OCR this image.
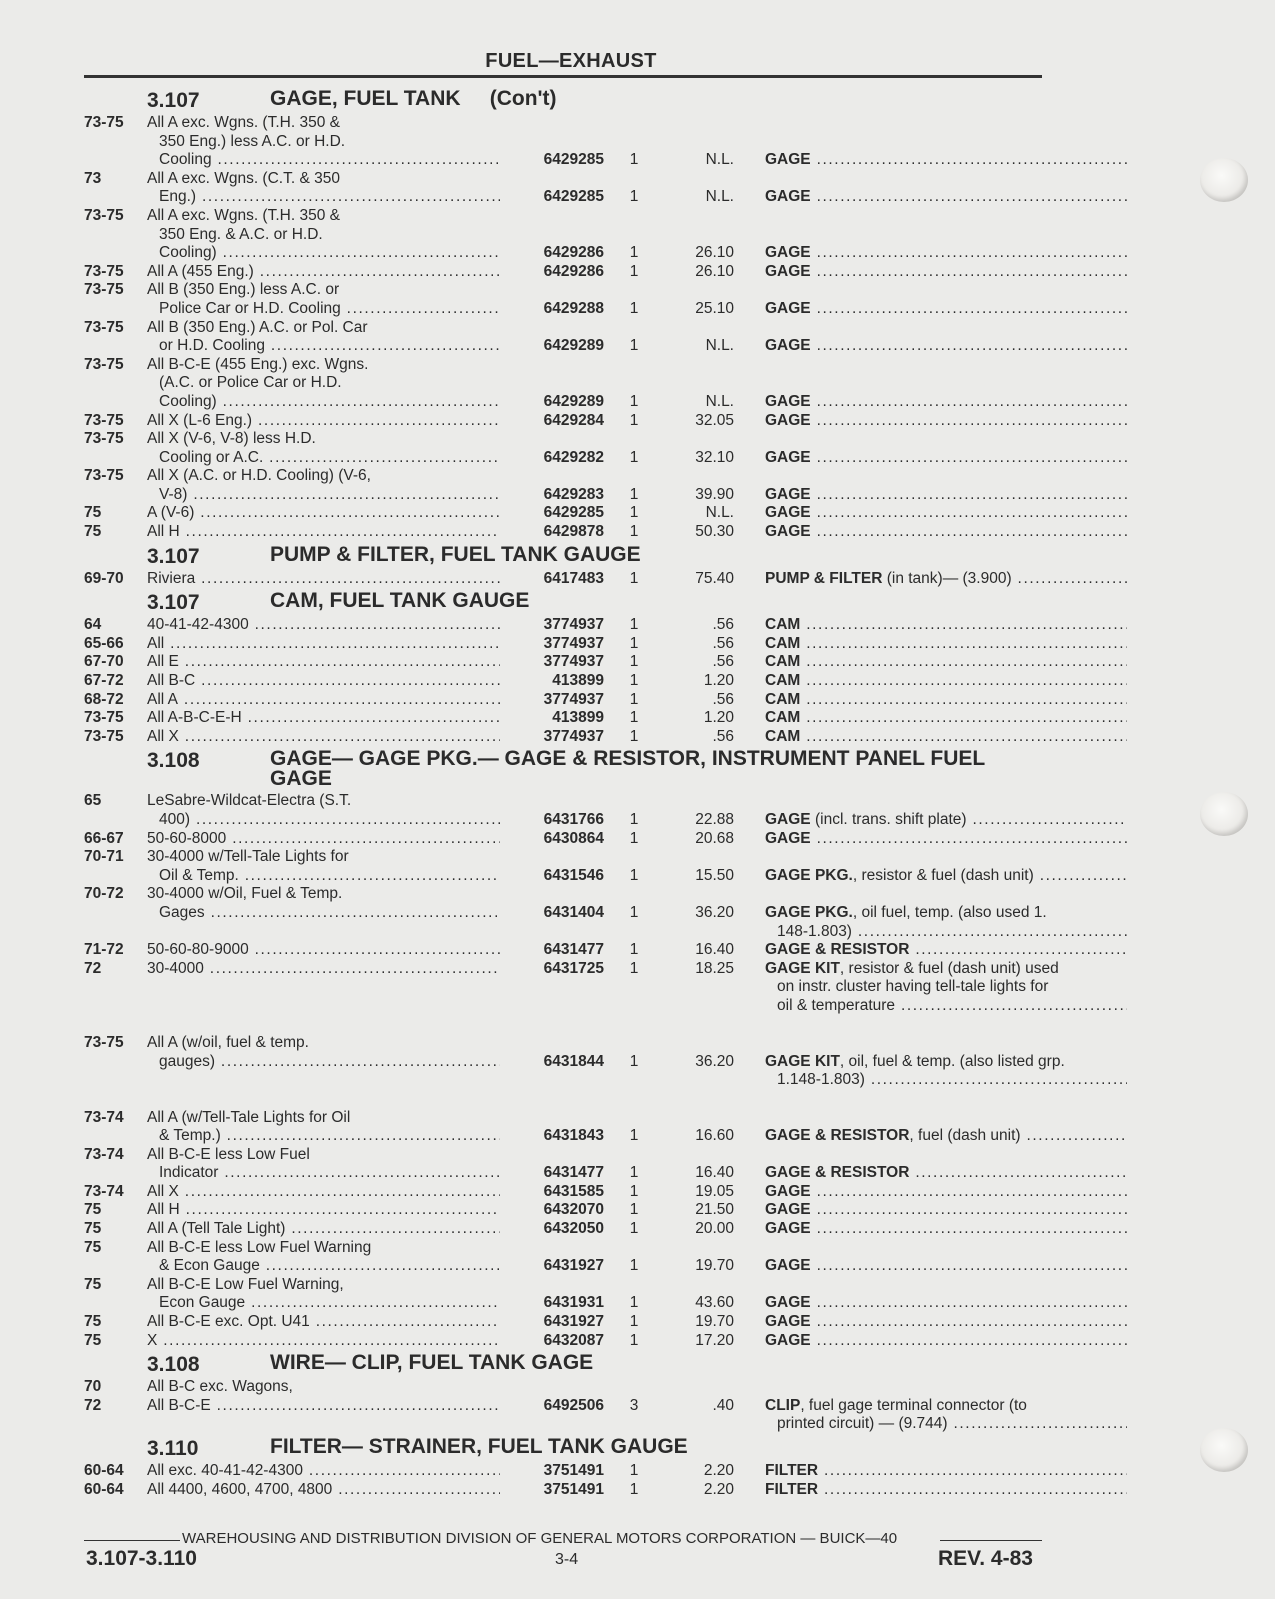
FUEL—EXHAUST
3.107	GAGE, FUEL TANK     (Con't)
73-75 All A exc. Wgns. (T.H. 350 &
350 Eng.) less A.C. or H.D.
Cooling .....	6429285	1	N.L. GAGE .....
73	All A exc. Wgns. (C.T. & 350
Eng.) .....	6429285	1	N.L. GAGE .....
73-75 All A exc. Wgns. (T.H. 350 &
350 Eng. & A.C. or H.D.
Cooling) .....	6429286	1	26.10 GAGE .....
73-75 All A (455 Eng.) .....	6429286	1	26.10 GAGE .....
73-75 All B (350 Eng.) less A.C. or
Police Car or H.D. Cooling .....	6429288	1	25.10 GAGE .....
73-75 All B (350 Eng.) A.C. or Pol. Car
or H.D. Cooling .....	6429289	1	N.L. GAGE .....
73-75 All B-C-E (455 Eng.) exc. Wgns.
(A.C. or Police Car or H.D.
Cooling) .....	6429289	1	N.L. GAGE .....
73-75 All X (L-6 Eng.) .....	6429284	1	32.05 GAGE .....
73-75 All X (V-6, V-8) less H.D.
Cooling or A.C. .....	6429282	1	32.10 GAGE .....
73-75 All X (A.C. or H.D. Cooling) (V-6,
V-8) .....	6429283	1	39.90 GAGE .....
75	A (V-6) .....	6429285	1	N.L. GAGE .....
75	All H .....	6429878	1	50.30 GAGE .....
3.107	PUMP & FILTER, FUEL TANK GAUGE
69-70 Riviera .....	6417483	1	75.40 PUMP & FILTER (in tank)— (3.900) .....
3.107	CAM, FUEL TANK GAUGE
64	40-41-42-4300 .....	3774937	1	.56 CAM .....
65-66 All .....	3774937	1	.56 CAM .....
67-70 All E .....	3774937	1	.56 CAM .....
67-72 All B-C .....	413899	1	1.20 CAM .....
68-72 All A .....	3774937	1	.56 CAM .....
73-75 All A-B-C-E-H .....	413899	1	1.20 CAM .....
73-75 All X .....	3774937	1	.56 CAM .....
3.108	GAGE— GAGE PKG.— GAGE & RESISTOR, INSTRUMENT PANEL FUEL GAGE
65	LeSabre-Wildcat-Electra (S.T.
400) .....	6431766	1	22.88 GAGE (incl. trans. shift plate) .....
66-67 50-60-8000 .....	6430864	1	20.68 GAGE .....
70-71 30-4000 w/Tell-Tale Lights for
Oil & Temp. .....	6431546	1	15.50 GAGE PKG., resistor & fuel (dash unit) .....
70-72 30-4000 w/Oil, Fuel & Temp.
Gages .....	6431404	1	36.20 GAGE PKG., oil fuel, temp. (also used 1.
148-1.803) .....
71-72 50-60-80-9000 .....	6431477	1	16.40 GAGE & RESISTOR .....
72	30-4000 .....	6431725	1	18.25 GAGE KIT, resistor & fuel (dash unit) used
on instr. cluster having tell-tale lights for
oil & temperature .....
73-75 All A (w/oil, fuel & temp.
gauges) .....	6431844	1	36.20 GAGE KIT, oil, fuel & temp. (also listed grp.
1.148-1.803) .....
73-74 All A (w/Tell-Tale Lights for Oil
& Temp.) .....	6431843	1	16.60 GAGE & RESISTOR, fuel (dash unit) .....
73-74 All B-C-E less Low Fuel
Indicator .....	6431477	1	16.40 GAGE & RESISTOR .....
73-74 All X .....	6431585	1	19.05 GAGE .....
75	All H .....	6432070	1	21.50 GAGE .....
75	All A (Tell Tale Light) .....	6432050	1	20.00 GAGE .....
75	All B-C-E less Low Fuel Warning
& Econ Gauge .....	6431927	1	19.70 GAGE .....
75	All B-C-E Low Fuel Warning,
Econ Gauge .....	6431931	1	43.60 GAGE .....
75	All B-C-E exc. Opt. U41 .....	6431927	1	19.70 GAGE .....
75	X .....	6432087	1	17.20 GAGE .....
3.108	WIRE— CLIP, FUEL TANK GAGE
70	All B-C exc. Wagons,
72	All B-C-E .....	6492506	3	.40 CLIP, fuel gage terminal connector (to
printed circuit) — (9.744) .....
3.110	FILTER— STRAINER, FUEL TANK GAUGE
60-64 All exc. 40-41-42-4300 .....	3751491	1	2.20 FILTER .....
60-64 All 4400, 4600, 4700, 4800 .....	3751491	1	2.20 FILTER .....
WAREHOUSING AND DISTRIBUTION DIVISION OF GENERAL MOTORS CORPORATION — BUICK—40
3.107-3.110	3-4	REV. 4-83
